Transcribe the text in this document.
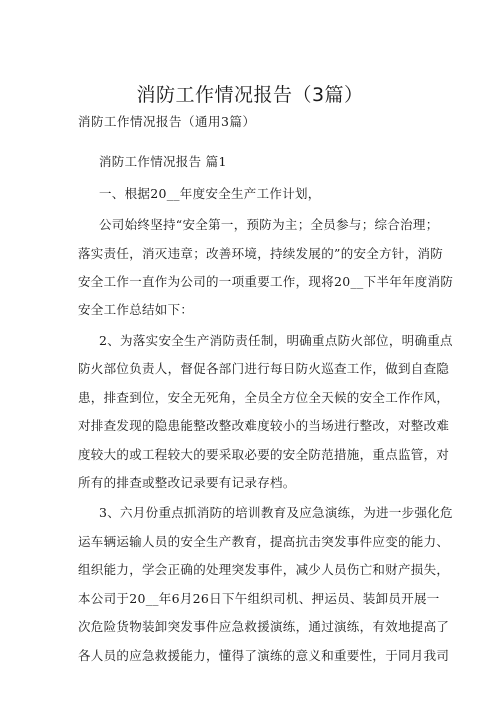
消防工作情况报告（3篇）
消防工作情况报告（通用3篇）
消防工作情况报告 篇1
一、根据20__年度安全生产工作计划，
公司始终坚持“安全第一，预防为主；全员参与；综合治理；
落实责任，消灭违章；改善环境，持续发展的”的安全方针，消防
安全工作一直作为公司的一项重要工作，现将20__下半年年度消防
安全工作总结如下：
2、为落实安全生产消防责任制，明确重点防火部位，明确重点
防火部位负责人，督促各部门进行每日防火巡查工作，做到自查隐
患，排查到位，安全无死角，全员全方位全天候的安全工作作风，
对排查发现的隐患能整改整改难度较小的当场进行整改，对整改难
度较大的或工程较大的要采取必要的安全防范措施，重点监管，对
所有的排查或整改记录要有记录存档。
3、六月份重点抓消防的培训教育及应急演练，为进一步强化危
运车辆运输人员的安全生产教育，提高抗击突发事件应变的能力、
组织能力，学会正确的处理突发事件，减少人员伤亡和财产损失，
本公司于20__年6月26日下午组织司机、押运员、装卸员开展一
次危险货物装卸突发事件应急救援演练，通过演练，有效地提高了
各人员的应急救援能力，懂得了演练的意义和重要性，于同月我司
